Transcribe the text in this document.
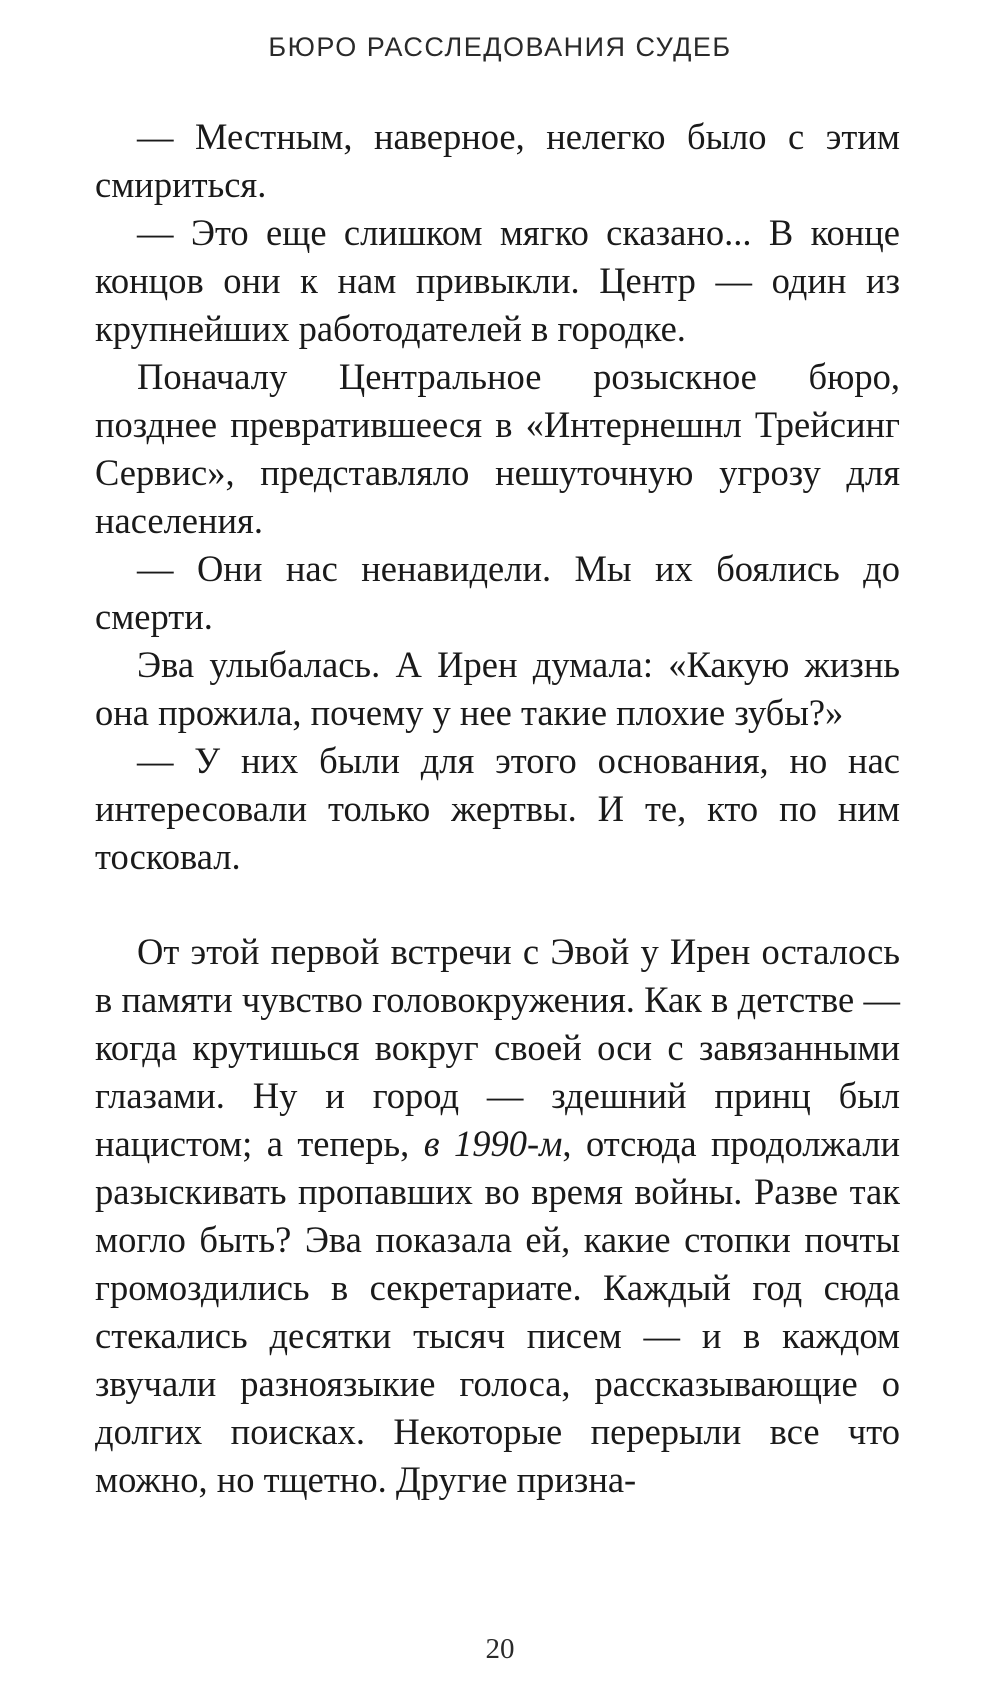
БЮРО РАССЛЕДОВАНИЯ СУДЕБ

— Местным, наверное, нелегко было с этим смириться.

— Это еще слишком мягко сказано... В конце концов они к нам привыкли. Центр — один из крупнейших работодателей в городке.

Поначалу Центральное розыскное бюро, позднее превратившееся в «Интернешнл Трейсинг Сервис», представляло нешуточную угрозу для населения.

— Они нас ненавидели. Мы их боялись до смерти.

Эва улыбалась. А Ирен думала: «Какую жизнь она прожила, почему у нее такие плохие зубы?»

— У них были для этого основания, но нас интересовали только жертвы. И те, кто по ним тосковал.

От этой первой встречи с Эвой у Ирен осталось в памяти чувство головокружения. Как в детстве — когда крутишься вокруг своей оси с завязанными глазами. Ну и город — здешний принц был нацистом; а теперь, в 1990-м, отсюда продолжали разыскивать пропавших во время войны. Разве так могло быть? Эва показала ей, какие стопки почты громоздились в секретариате. Каждый год сюда стекались десятки тысяч писем — и в каждом звучали разноязыкие голоса, рассказывающие о долгих поисках. Некоторые перерыли все что можно, но тщетно. Другие призна-

20
